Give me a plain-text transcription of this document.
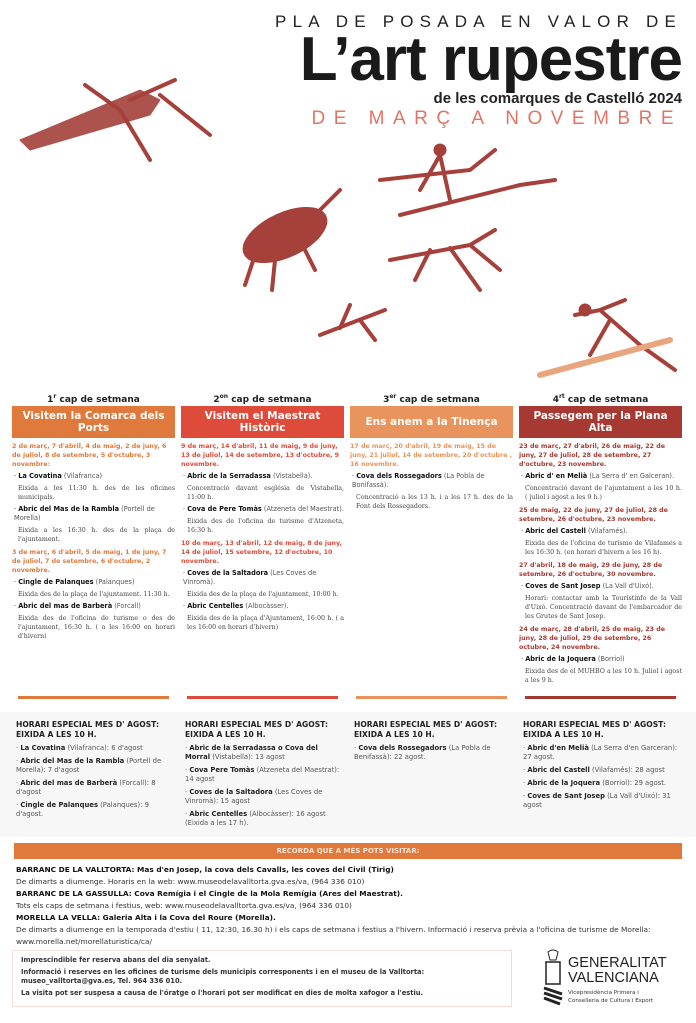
PLA DE POSADA EN VALOR DE
L’art rupestre
de les comarques de Castelló 2024
DE MARÇ A NOVEMBRE
1$^r$ cap de setmana
Visitem la Comarca dels Ports
2 de març, 7 d'abril, 4 de maig, 2 de juny, 6 de juliol, 8 de setembre, 5 d'octubre, 3 novembre:
· La Covatina (Vilafranca)
Eixida a les 11:30 h. des de les oficines municipals.
· Abric del Mas de la Rambla (Portell de Morella)
Eixida a les 16:30 h. des de la plaça de l'ajuntament.
3 de març, 6 d'abril, 5 de maig, 1 de juny, 7 de juliol, 7 de setembre, 6 d'octubre, 2 novembre.
· Cingle de Palanques (Palanques)
Eixida des de la plaça de l'ajuntament. 11:30 h.
· Abric del mas de Barberà (Forcall)
Eixida des de l'oficina de turisme o des de l'ajuntament, 16:30 h. ( a les 16:00 en horari d'hivern)
$2^{on}$ cap de setmana
Visitem el Maestrat Històric
9 de març, 14 d'abril, 11 de maig, 9 de juny, 13 de juliol, 14 de setembre, 13 d'octubre, 9 novembre.
· Abric de la Serradassa (Vistabella).
Concentració davant església de Vistabella, 11:00 h.
· Cova de Pere Tomàs (Atzeneta del Maestrat).
Eixida des de l'oficina de turisme d'Atzeneta, 16:30 h.
10 de març, 13 d'abril, 12 de maig, 8 de juny, 14 de juliol, 15 setembre, 12 d'octubre, 10 novembre.
· Coves de la Saltadora (Les Coves de Vinromà).
Eixida des de la plaça de l'ajuntament, 10:00 h.
· Abric Centelles (Albocàsser).
Eixida des de la plaça d'Ajuntament, 16:00 h. ( a les 16:00 en horari d'hivern)
3er cap de setmana
Ens anem a la Tinença
17 de març, 20 d'abril, 19 de maig, 15 de juny, 21 juliol, 14 de setembre, 20 d'octubre , 16 novembre.
· Cova dels Rossegadors (La Pobla de Bonifassà).
Concentració a les 13 h. i a les 17 h. des de la Font dels Rossegadors.
$4^{rt}$ cap de setmana
Passegem per la Plana Alta
23 de març, 27 d'abril, 26 de maig, 22 de juny, 27 de juliol, 28 de setembre, 27 d'octubre, 23 novembre.
· Abric d' en Melià (La Serra d' en Galceran).
Concentració davant de l'ajuntament a les 10 h. ( juliol i agost a les 9 h.)
25 de maig, 22 de juny, 27 de juliol, 28 de setembre, 26 d'octubre, 23 novembre.
· Abric del Castell (Vilafamés).
Eixida des de l'oficina de turisme de Vilafamés a les 16:30 h. (en horari d'hivern a les 16 h).
27 d'abril, 18 de maig, 29 de juny, 28 de setembre, 26 d'octubre, 30 novembre.
· Coves de Sant Josep (La Vall d'Uixó).
Horari: contactar amb la Touristinfo de la Vall d'Uixó. Concentració davant de l'embarcador de les Grutes de Sant Josep.
24 de març, 28 d'abril, 25 de maig, 23 de juny, 28 de juliol, 29 de setembre, 26 octubre, 24 novembre.
· Abric de la Joquera (Borriol)
Eixida des de el MUHBO a les 10 h. Juliol i agost a les 9 h.
HORARI ESPECIAL MES D' AGOST:
EIXIDA A LES 10 H.
· La Covatina (Vilafranca): 6 d'agost
· Abric del Mas de la Rambla (Portell de Morella): 7 d'agost
· Abric del mas de Barberà (Forcall): 8 d'agost
· Cingle de Palanques (Palanques): 9 d'agost.
HORARI ESPECIAL MES D' AGOST:
EIXIDA A LES 10 H.
· Abric de la Serradassa o Cova del Morral (Vistabella): 13 agost
· Cova Pere Tomàs (Atzeneta del Maestrat): 14 agost
· Coves de la Saltadora (Les Coves de Vinromà): 15 agost
· Abric Centelles (Albocàsser): 16 agost (Eixida a les 17 h).
HORARI ESPECIAL MES D' AGOST:
EIXIDA A LES 10 H.
· Cova dels Rossegadors (La Pobla de Benifassà): 22 agost.
HORARI ESPECIAL MES D' AGOST:
EIXIDA A LES 10 H.
· Abric d'en Melià (La Serra d'en Garceran): 27 agost.
· Abric del Castell (Vilafamés): 28 agost
· Abric de la Joquera (Borriol): 29 agost.
· Coves de Sant Josep (La Vall d'Uixó): 31 agost
RECORDA QUE A MÉS POTS VISITAR:
BARRANC DE LA VALLTORTA: Mas d'en Josep, la cova dels Cavalls, les coves del Civil (Tirig)
De dimarts a diumenge. Horaris en la web: www.museodelavalltorta.gva.es/va, (964 336 010)
BARRANC DE LA GASSULLA: Cova Remígia i el Cingle de la Mola Remígia (Ares del Maestrat).
Tots els caps de setmana i festius, web: www.museodelavalltorta.gva.es/va, (964 336 010)
MORELLA LA VELLA: Galeria Alta i la Cova del Roure (Morella).
De dimarts a diumenge en la temporada d'estiu ( 11, 12:30, 16.30 h) i els caps de setmana i festius a l'hivern. Informació i reserva prèvia a l'oficina de turisme de Morella: www.morella.net/morellaturistica/ca/

Imprescindible fer reserva abans del dia senyalat.

Informació i reserves en les oficines de turisme dels municipis corresponents i en el museu de la Valltorta: museo_valltorta@gva.es, Tel. 964 336 010.

La visita pot ser suspesa a causa de l'óratge o l'horari pot ser modificat en dies de molta xafogor a l'estiu.

GENERALITAT
VALENCIANA
Vicepresidència Primera i
Conselleria de Cultura i Esport
